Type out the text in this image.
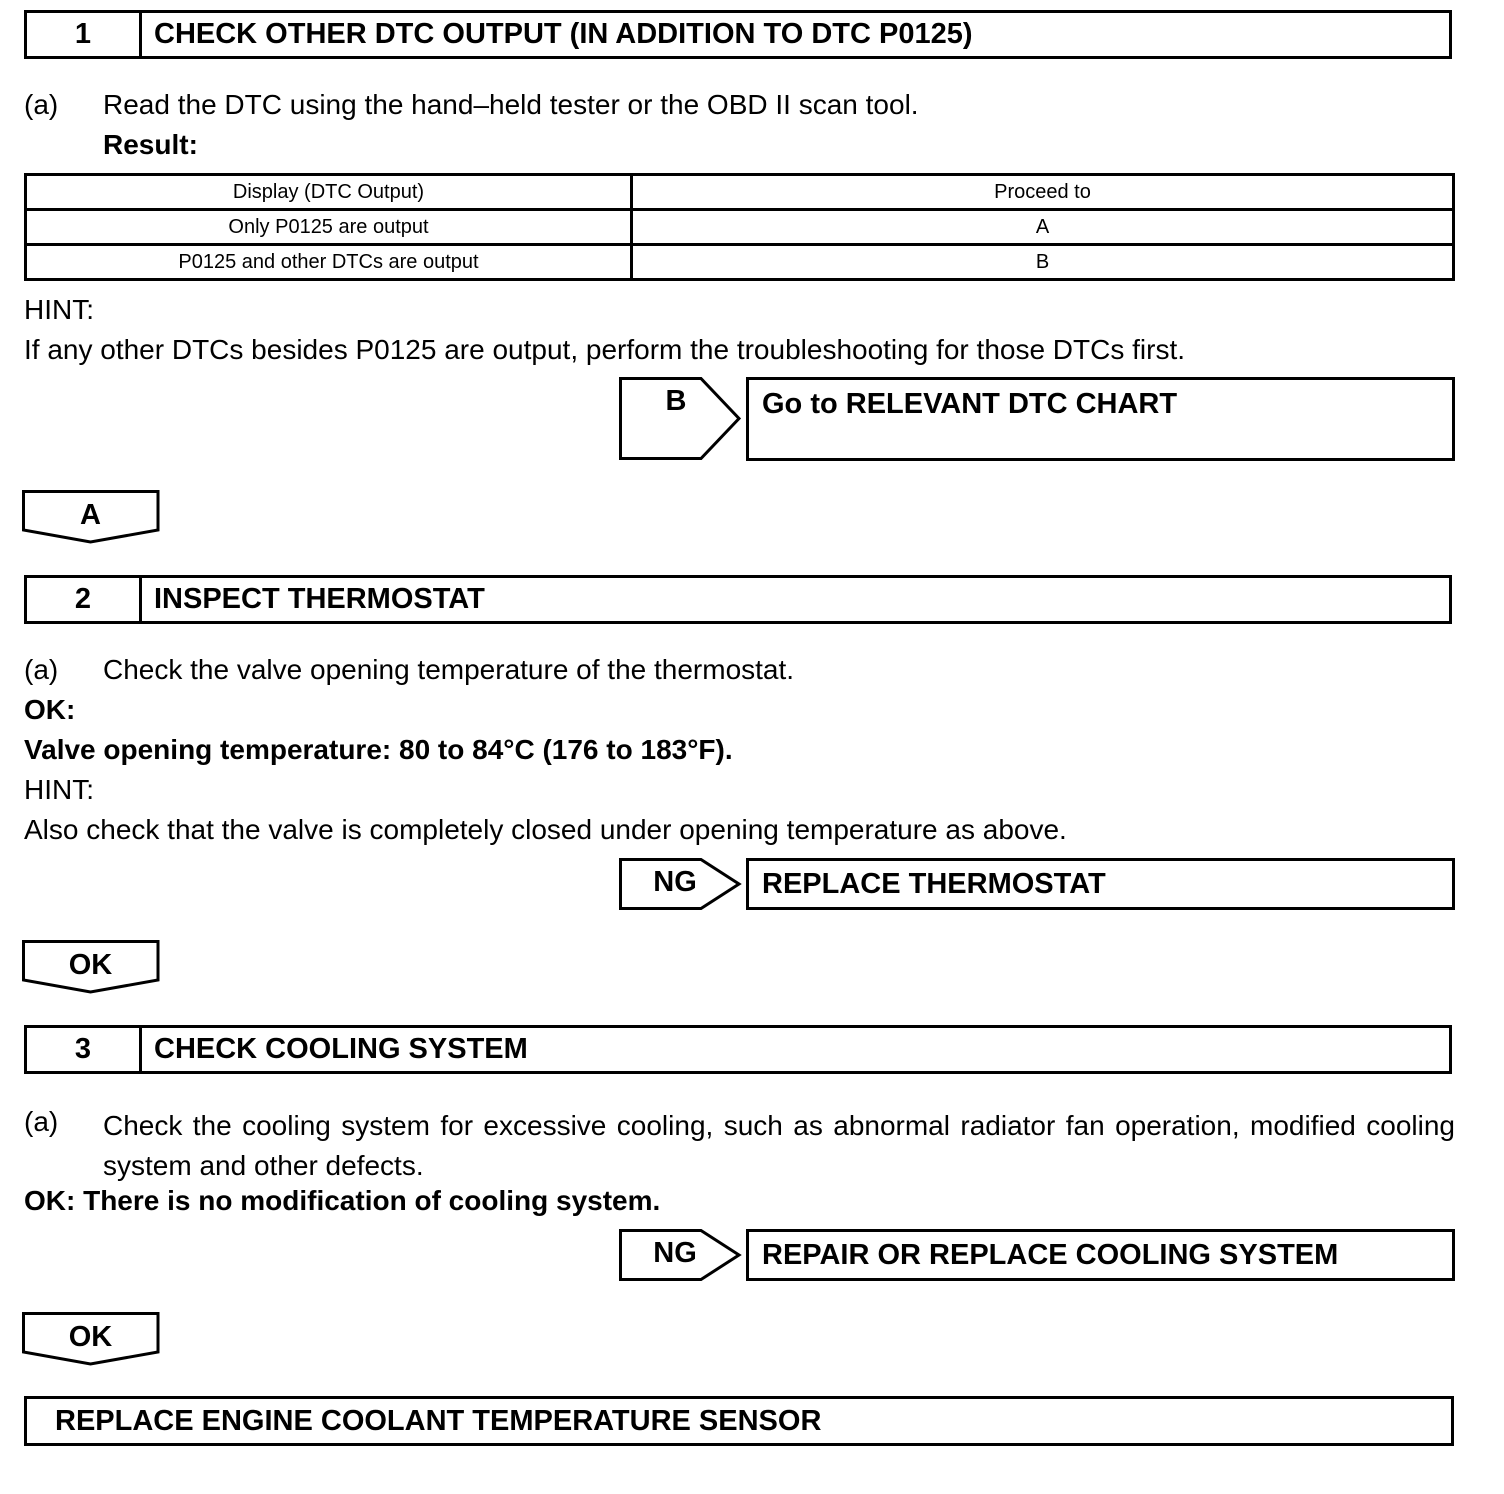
1	CHECK OTHER DTC OUTPUT (IN ADDITION TO DTC P0125)
(a) Read the DTC using the hand–held tester or the OBD II scan tool.
Result:
Display (DTC Output)	Proceed to
Only P0125 are output	A
P0125 and other DTCs are output	B
HINT:
If any other DTCs besides P0125 are output, perform the troubleshooting for those DTCs first.
B	Go to RELEVANT DTC CHART
A
2	INSPECT THERMOSTAT
(a) Check the valve opening temperature of the thermostat.
OK:
Valve opening temperature: 80 to 84°C (176 to 183°F).
HINT:
Also check that the valve is completely closed under opening temperature as above.
NG	REPLACE THERMOSTAT
OK
3	CHECK COOLING SYSTEM
(a) Check the cooling system for excessive cooling, such as abnormal radiator fan operation, modified cooling system and other defects.
OK: There is no modification of cooling system.
NG	REPAIR OR REPLACE COOLING SYSTEM
OK
REPLACE ENGINE COOLANT TEMPERATURE SENSOR
